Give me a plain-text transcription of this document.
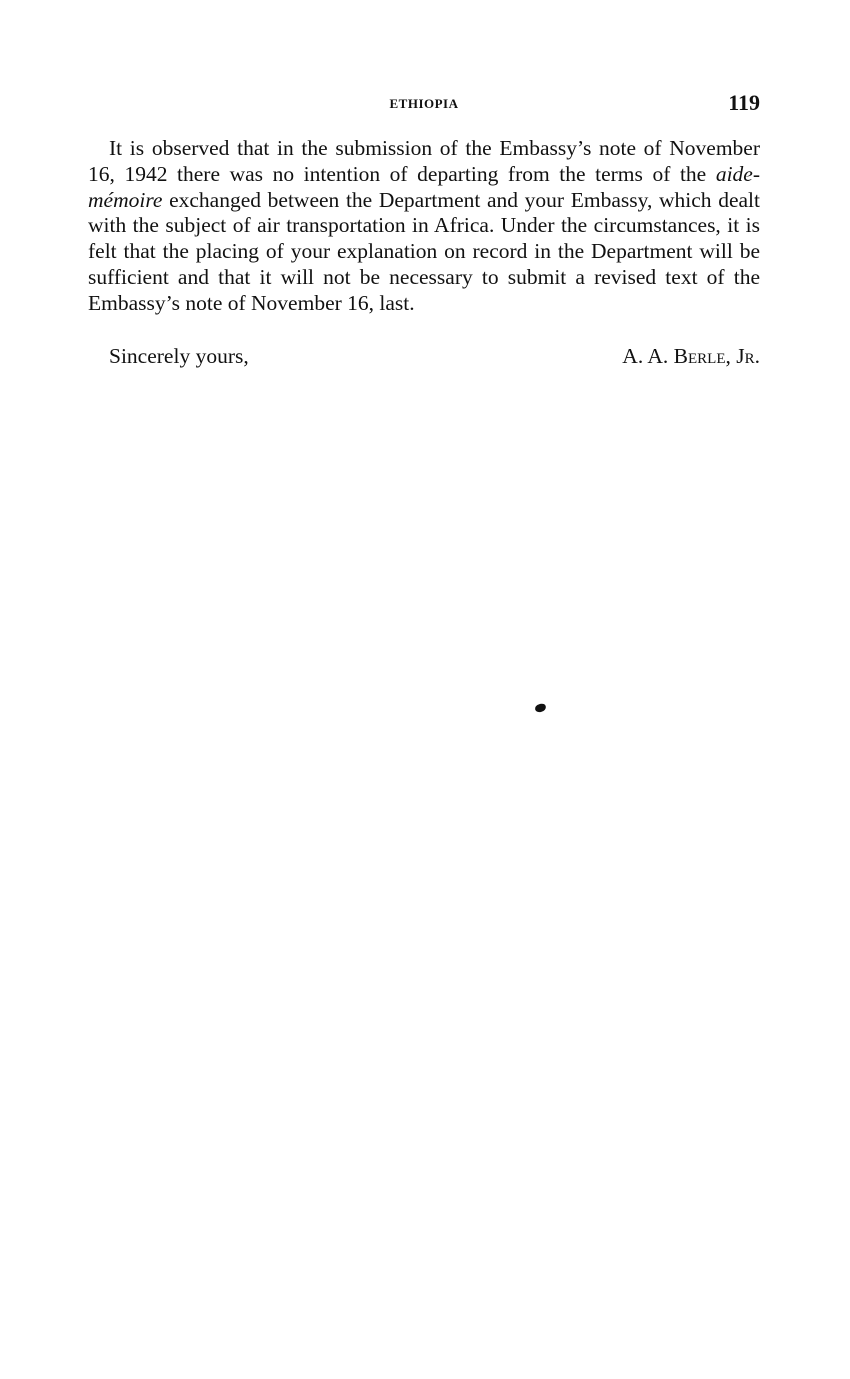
ETHIOPIA	119

It is observed that in the submission of the Embassy’s note of November 16, 1942 there was no intention of departing from the terms of the aide-mémoire exchanged between the Department and your Embassy, which dealt with the subject of air transportation in Africa. Under the circumstances, it is felt that the placing of your explanation on record in the Department will be sufficient and that it will not be necessary to submit a revised text of the Embassy’s note of November 16, last.

Sincerely yours,	A. A. Berle, Jr.
